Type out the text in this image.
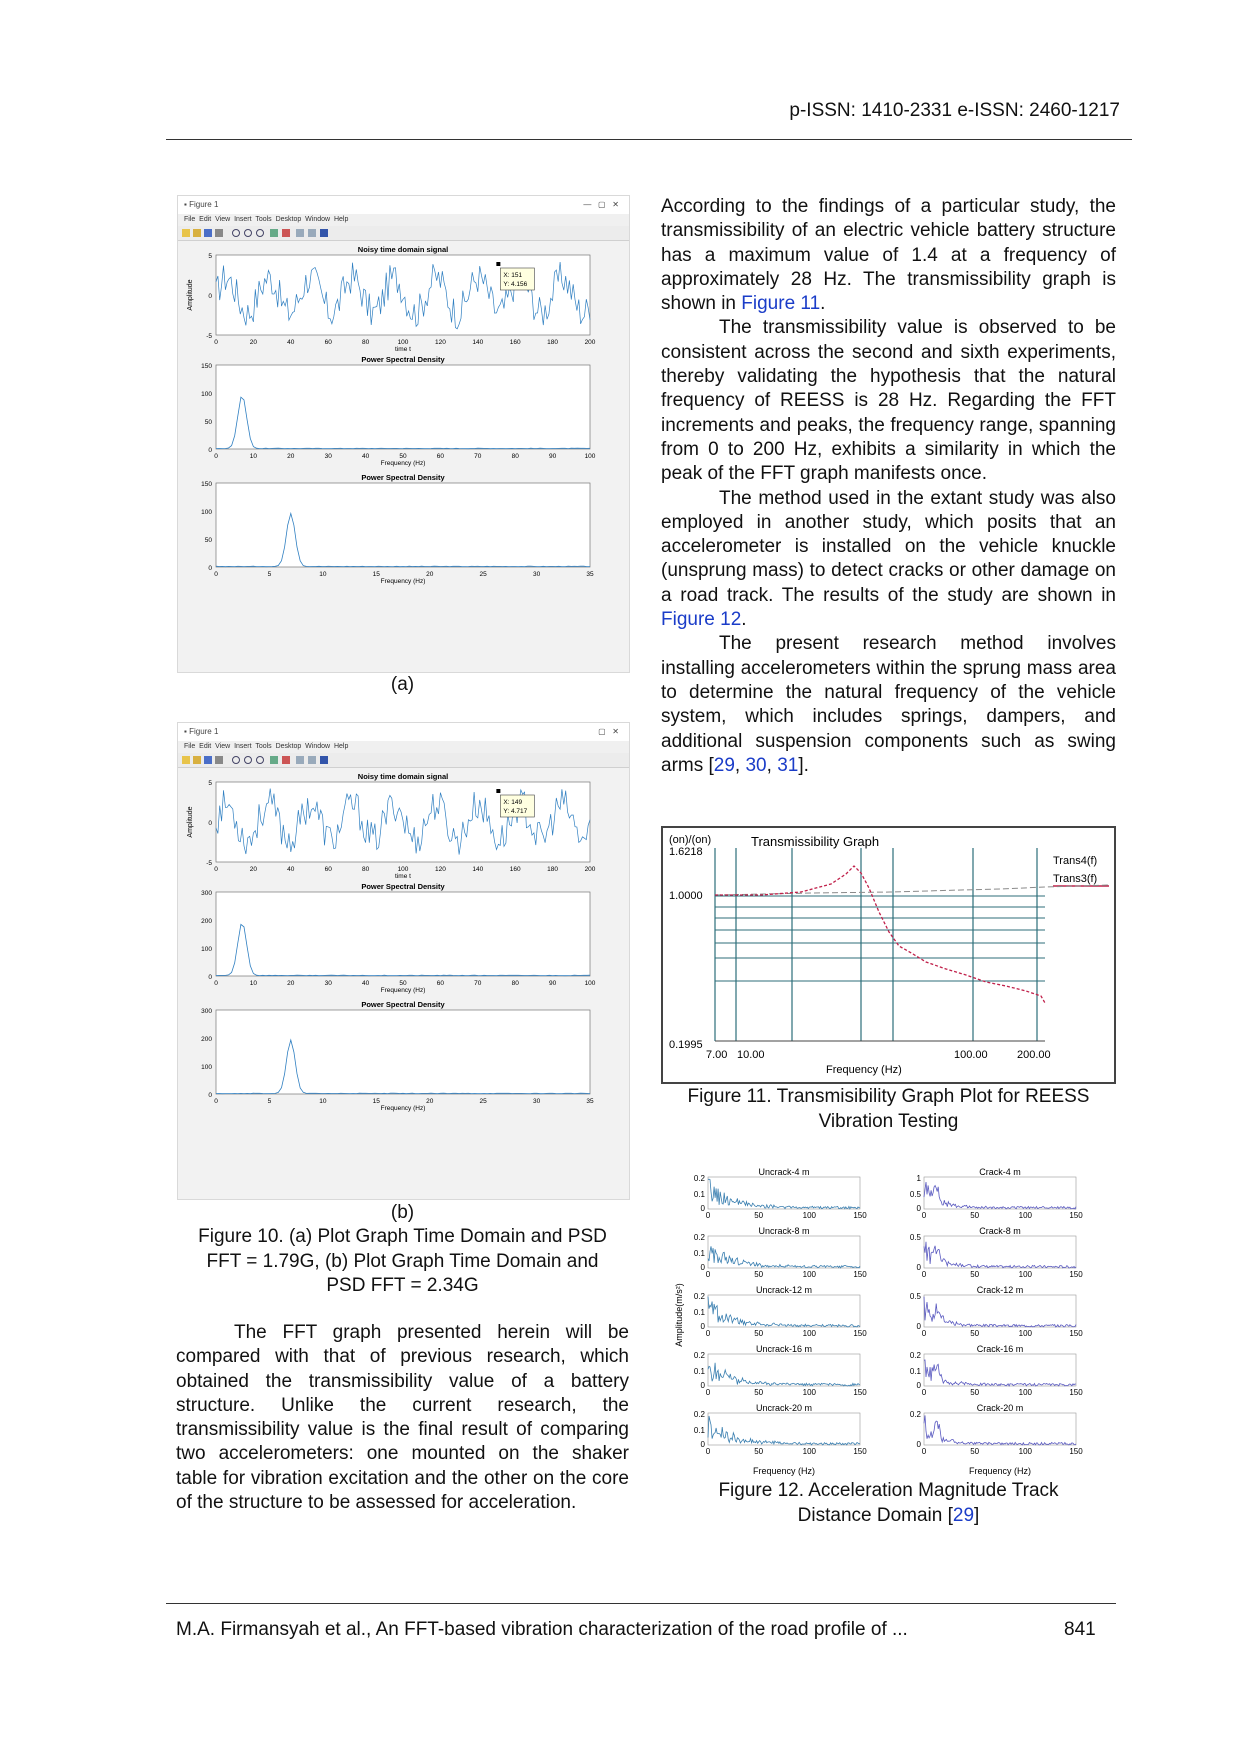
p-ISSN: 1410-2331 e-ISSN: 2460-1217
▪ Figure 1	—   ▢   ✕
File Edit View Insert Tools Desktop Window Help
Noisy time domain signal
Amplitude
5
0
-5
0	20	40	60	80	100	120	140	160	180	200
time t
X: 151
Y: 4.156
Power Spectral Density
150
100
50
0
0	10	20	30	40	50	60	70	80	90	100
Frequency (Hz)
Power Spectral Density
150
100
50
0
0	5	10	15	20	25	30	35
Frequency (Hz)
(a)
▪ Figure 1	▢   ✕
File Edit View Insert Tools Desktop Window Help
Noisy time domain signal
Amplitude
5
0
-5
0	20	40	60	80	100	120	140	160	180	200
time t
X: 149
Y: 4.717
Power Spectral Density
300
200
100
0
0	10	20	30	40	50	60	70	80	90	100
Frequency (Hz)
Power Spectral Density
300
200
100
0
0	5	10	15	20	25	30	35
Frequency (Hz)
(b)
Figure 10. (a) Plot Graph Time Domain and PSD
FFT = 1.79G, (b) Plot Graph Time Domain and
PSD FFT = 2.34G

The FFT graph presented herein will be compared with that of previous research, which obtained the transmissibility value of a battery structure. Unlike the current research, the transmissibility value is the final result of comparing two accelerometers: one mounted on the shaker table for vibration excitation and the other on the core of the structure to be assessed for acceleration.

According to the findings of a particular study, the transmissibility of an electric vehicle battery structure has a maximum value of 1.4 at a frequency of approximately 28 Hz. The transmissibility graph is shown in Figure 11.

The transmissibility value is observed to be consistent across the second and sixth experiments, thereby validating the hypothesis that the natural frequency of REESS is 28 Hz. Regarding the FFT increments and peaks, the frequency range, spanning from 0 to 200 Hz, exhibits a similarity in which the peak of the FFT graph manifests once.

The method used in the extant study was also employed in another study, which posits that an accelerometer is installed on the vehicle knuckle (unsprung mass) to detect cracks or other damage on a road track. The results of the study are shown in Figure 12.

The present research method involves installing accelerometers within the sprung mass area to determine the natural frequency of the vehicle system, which includes springs, dampers, and additional suspension components such as swing arms [29, 30, 31].

(on)/(on)
1.6218
1.0000
0.1995
Transmissibility Graph
Trans4(f)
Trans3(f)
7.00 10.00	100.00	200.00
Frequency (Hz)
Figure 11. Transmisibility Graph Plot for REESS
Vibration Testing
Amplitude(m/s²)
Uncrack-4 m
0.2
0.1
0
0	50	100	150
Uncrack-8 m
0.2
0.1
0
0	50	100	150
Uncrack-12 m
0.2
0.1
0
0	50	100	150
Uncrack-16 m
0.2
0.1
0
0	50	100	150
Uncrack-20 m
0.2
0.1
0
0	50	100	150
Frequency (Hz)
Crack-4 m
1
0.5
0
0	50	100	150
Crack-8 m
0.5
0
0	50	100	150
Crack-12 m
0.5
0
0	50	100	150
Crack-16 m
0.2
0.1
0
0	50	100	150
Crack-20 m
0.2
0
0	50	100	150
Frequency (Hz)
Figure 12. Acceleration Magnitude Track
Distance Domain [29]
M.A. Firmansyah et al., An FFT-based vibration characterization of the road profile of ...	841
